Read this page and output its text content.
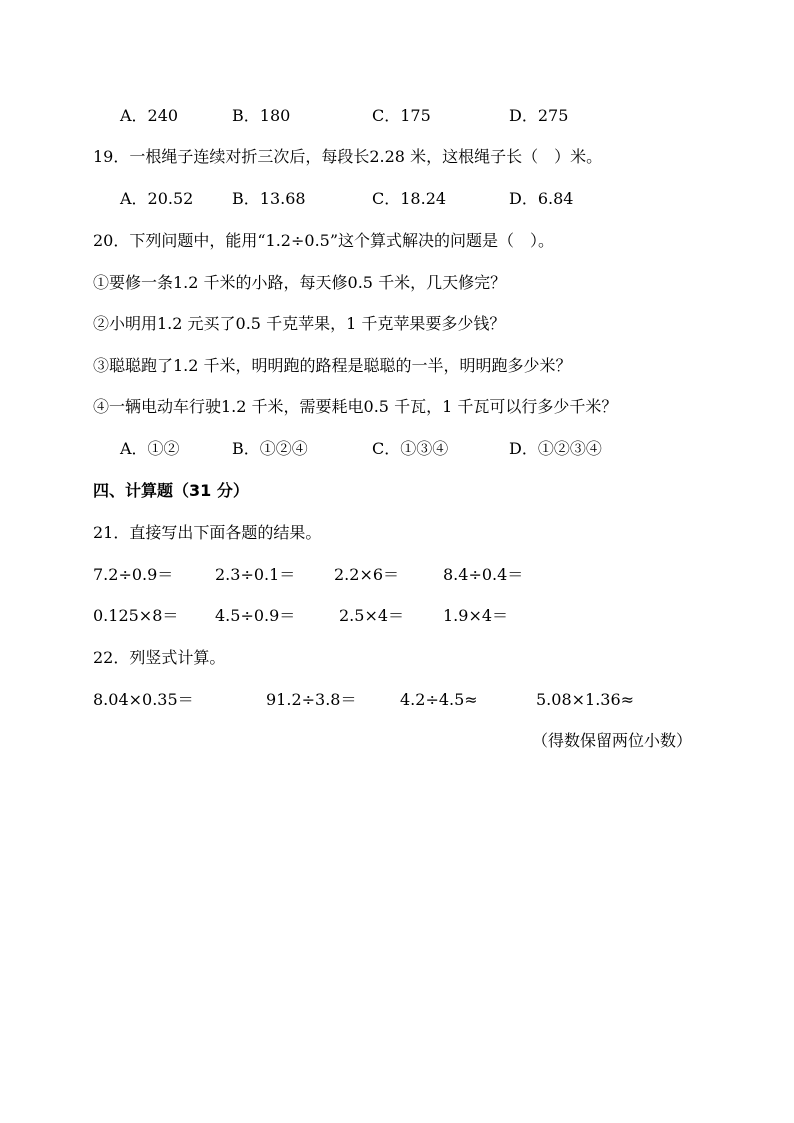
A．240	B．180	C．175	D．275
19．一根绳子连续对折三次后，每段长2.28 米，这根绳子长（　）米。
A．20.52 B．13.68	C．18.24	D．6.84
20．下列问题中，能用“1.2÷0.5”这个算式解决的问题是（　）。
①要修一条1.2 千米的小路，每天修0.5 千米，几天修完？
②小明用1.2 元买了0.5 千克苹果，1 千克苹果要多少钱？
③聪聪跑了1.2 千米，明明跑的路程是聪聪的一半，明明跑多少米？
④一辆电动车行驶1.2 千米，需要耗电0.5 千瓦，1 千瓦可以行多少千米？
A．①②	B．①②④	C．①③④	D．①②③④
四、计算题（31 分）
21．直接写出下面各题的结果。
7.2÷0.9＝	2.3÷0.1＝ 2.2×6＝	8.4÷0.4＝
0.125×8＝ 4.5÷0.9＝	2.5×4＝ 1.9×4＝
22．列竖式计算。
8.04×0.35＝	91.2÷3.8＝	4.2÷4.5≈	5.08×1.36≈
（得数保留两位小数）
